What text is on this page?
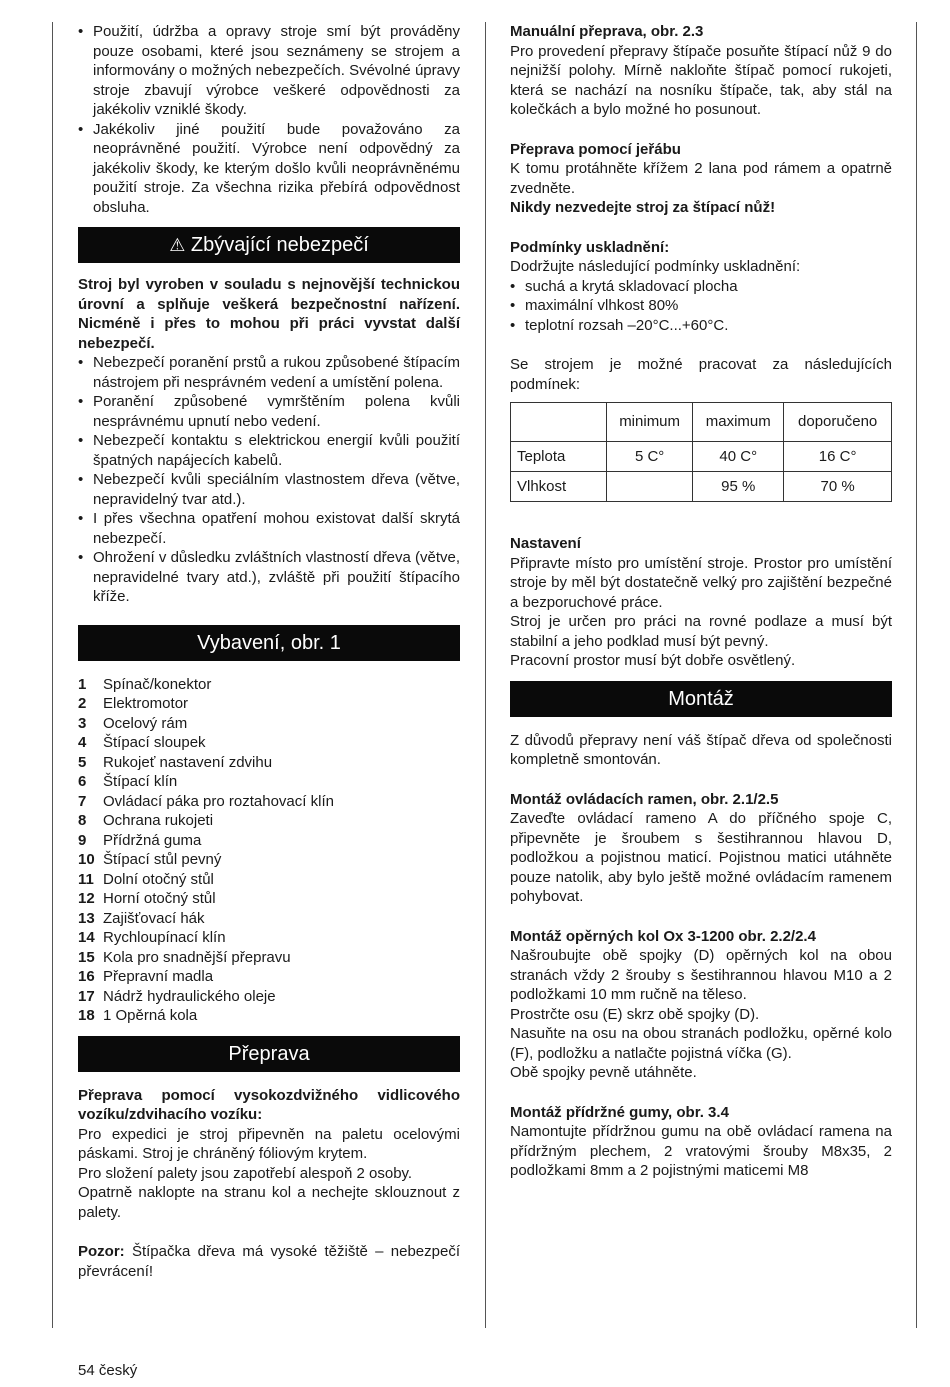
• Použití, údržba a opravy stroje smí být prováděny pouze osobami, které jsou seznámeny se strojem a informovány o možných nebezpečích. Svévolné úpravy stroje zbavují výrobce veškeré odpovědnosti za jakékoliv vzniklé škody.
• Jakékoliv jiné použití bude považováno za neoprávněné použití. Výrobce není odpovědný za jakékoliv škody, ke kterým došlo kvůli neoprávněnému použití stroje. Za všechna rizika přebírá odpovědnost obsluha.
⚠ Zbývající nebezpečí

Stroj byl vyroben v souladu s nejnovější technickou úrovní a splňuje veškerá bezpečnostní nařízení. Nicméně i přes to mohou při práci vyvstat další nebezpečí.

• Nebezpečí poranění prstů a rukou způsobené štípacím nástrojem při nesprávném vedení a umístění polena.
• Poranění způsobené vymrštěním polena kvůli nesprávnému upnutí nebo vedení.
• Nebezpečí kontaktu s elektrickou energií kvůli použití špatných napájecích kabelů.
• Nebezpečí kvůli speciálním vlastnostem dřeva (větve, nepravidelný tvar atd.).
• I přes všechna opatření mohou existovat další skrytá nebezpečí.
• Ohrožení v důsledku zvláštních vlastností dřeva (větve, nepravidelné tvary atd.), zvláště při použití štípacího kříže.
Vybavení, obr. 1
1	Spínač/konektor
2	Elektromotor
3	Ocelový rám
4	Štípací sloupek
5	Rukojeť nastavení zdvihu
6	Štípací klín
7	Ovládací páka pro roztahovací klín
8	Ochrana rukojeti
9	Přídržná guma
10 Štípací stůl pevný
11 Dolní otočný stůl
12 Horní otočný stůl
13 Zajišťovací hák
14 Rychloupínací klín
15 Kola pro snadnější přepravu
16 Přepravní madla
17 Nádrž hydraulického oleje
18 1 Opěrná kola
Přeprava

Přeprava pomocí vysokozdvižného vidlicového vozíku/zdvihacího vozíku:

Pro expedici je stroj připevněn na paletu ocelovými páskami. Stroj je chráněný fóliovým krytem.

Pro složení palety jsou zapotřebí alespoň 2 osoby.

Opatrně naklopte na stranu kol a nechejte sklouznout z palety.

Pozor: Štípačka dřeva má vysoké těžiště – nebezpečí převrácení!

Manuální přeprava, obr. 2.3

Pro provedení přepravy štípače posuňte štípací nůž 9 do nejnižší polohy. Mírně nakloňte štípač pomocí rukojeti, která se nachází na nosníku štípače, tak, aby stál na kolečkách a bylo možné ho posunout.

Přeprava pomocí jeřábu

K tomu protáhněte křížem 2 lana pod rámem a opatrně zvedněte.

Nikdy nezvedejte stroj za štípací nůž!

Podmínky uskladnění:

Dodržujte následující podmínky uskladnění:

• suchá a krytá skladovací plocha
• maximální vlhkost 80%
• teplotní rozsah –20°C...+60°C.

Se strojem je možné pracovat za následujících podmínek:

	minimum	maximum	doporučeno
Teplota	5 C°	40 C°	16 C°
Vlhkost		95 %	70 %

Nastavení

Připravte místo pro umístění stroje. Prostor pro umístění stroje by měl být dostatečně velký pro zajištění bezpečné a bezporuchové práce.

Stroj je určen pro práci na rovné podlaze a musí být stabilní a jeho podklad musí být pevný.

Pracovní prostor musí být dobře osvětlený.

Montáž

Z důvodů přepravy není váš štípač dřeva od společnosti kompletně smontován.

Montáž ovládacích ramen, obr. 2.1/2.5

Zaveďte ovládací rameno A do příčného spoje C, připevněte je šroubem s šestihrannou hlavou D, podložkou a pojistnou maticí. Pojistnou matici utáhněte pouze natolik, aby bylo ještě možné ovládacím ramenem pohybovat.

Montáž opěrných kol Ox 3-1200 obr. 2.2/2.4

Našroubujte obě spojky (D) opěrných kol na obou stranách vždy 2 šrouby s šestihrannou hlavou M10 a 2 podložkami 10 mm ručně na těleso.

Prostrčte osu (E) skrz obě spojky (D).

Nasuňte na osu na obou stranách podložku, opěrné kolo (F), podložku a natlačte pojistná víčka (G).

Obě spojky pevně utáhněte.

Montáž přídržné gumy, obr. 3.4

Namontujte přídržnou gumu na obě ovládací ramena na přídržným plechem, 2 vratovými šrouby M8x35, 2 podložkami 8mm a 2 pojistnými maticemi M8

54 český
